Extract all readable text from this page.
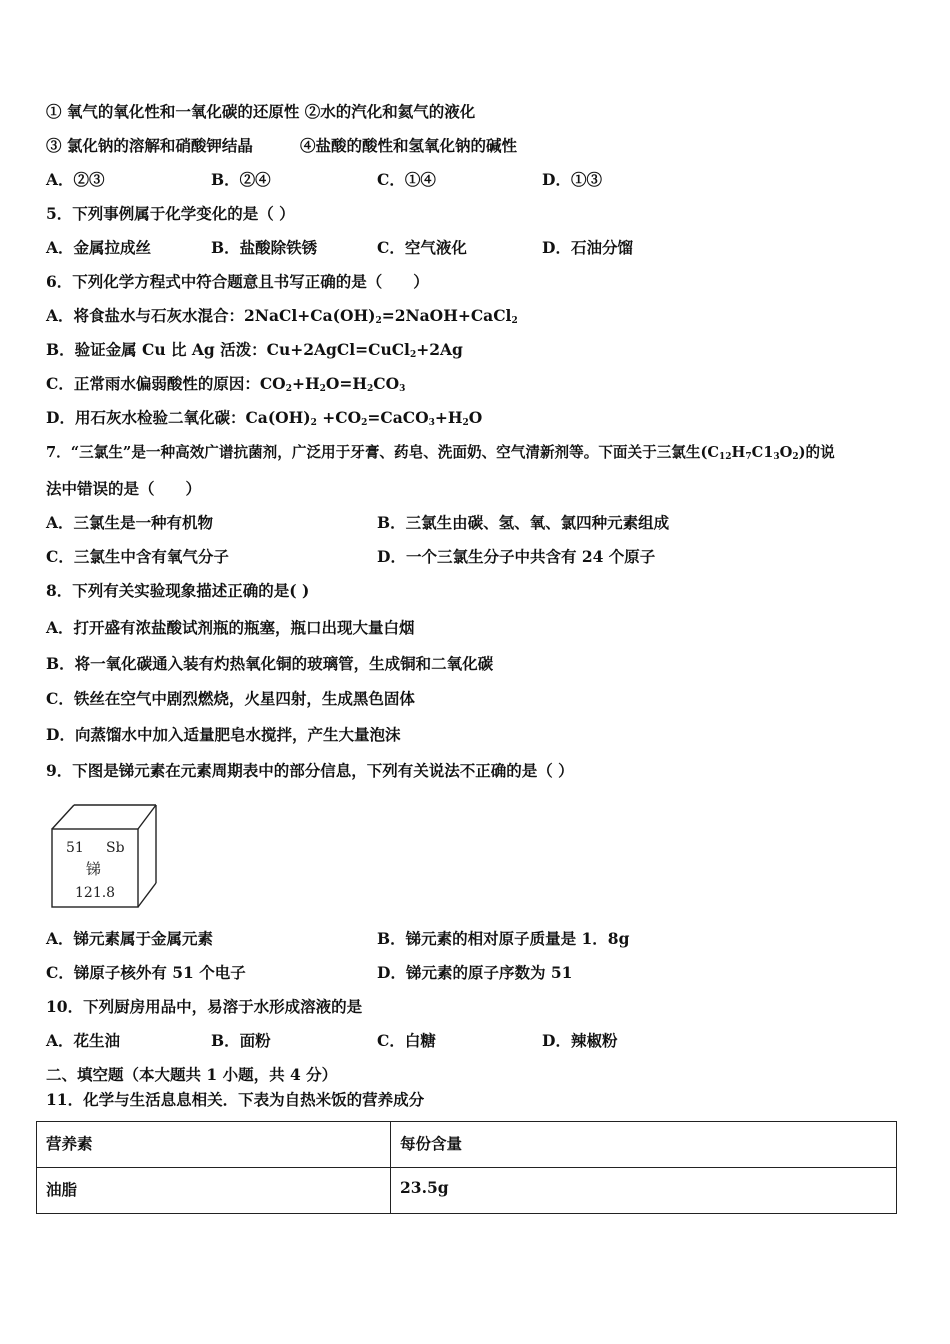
① 氧气的氧化性和一氧化碳的还原性 ②水的汽化和氦气的液化
③ 氯化钠的溶解和硝酸钾结晶	④盐酸的酸性和氢氧化钠的碱性
A．②③	B．②④	C．①④	D．①③
5．下列事例属于化学变化的是（ ）
A．金属拉成丝	B．盐酸除铁锈	C．空气液化	D．石油分馏
6．下列化学方程式中符合题意且书写正确的是（　　）
A．将食盐水与石灰水混合：$2NaCl+Ca(OH)_2=2NaOH+CaCl_2$
B．验证金属 Cu 比 Ag 活泼：Cu+2AgCl=CuCl$_2$+2Ag
C．正常雨水偏弱酸性的原因：$CO_2+H_2O=H_2CO_3$
D．用石灰水检验二氧化碳：$Ca(OH)_2$ $+CO_2=CaCO_3+H_2O$
7．“三氯生”是一种高效广谱抗菌剂，广泛用于牙膏、药皂、洗面奶、空气清新剂等。下面关于三氯生$(C_{12}H_7C1_3O_2)$的说
法中错误的是（　　）
A．三氯生是一种有机物	B．三氯生由碳、氢、氧、氯四种元素组成
C．三氯生中含有氧气分子	D．一个三氯生分子中共含有 24 个原子
8．下列有关实验现象描述正确的是( )
A．打开盛有浓盐酸试剂瓶的瓶塞，瓶口出现大量白烟
B．将一氧化碳通入装有灼热氧化铜的玻璃管，生成铜和二氧化碳
C．铁丝在空气中剧烈燃烧，火星四射，生成黑色固体
D．向蒸馏水中加入适量肥皂水搅拌，产生大量泡沫
9．下图是锑元素在元素周期表中的部分信息，下列有关说法不正确的是（ ）
51 Sb
锑
121.8
A．锑元素属于金属元素	B．锑元素的相对原子质量是 1．8g
C．锑原子核外有 51 个电子	D．锑元素的原子序数为 51
10．下列厨房用品中，易溶于水形成溶液的是
A．花生油	B．面粉	C．白糖	D．辣椒粉
二、填空题（本大题共 1 小题，共 4 分）
11．化学与生活息息相关．下表为自热米饭的营养成分
营养素	每份含量
油脂	23.5g
